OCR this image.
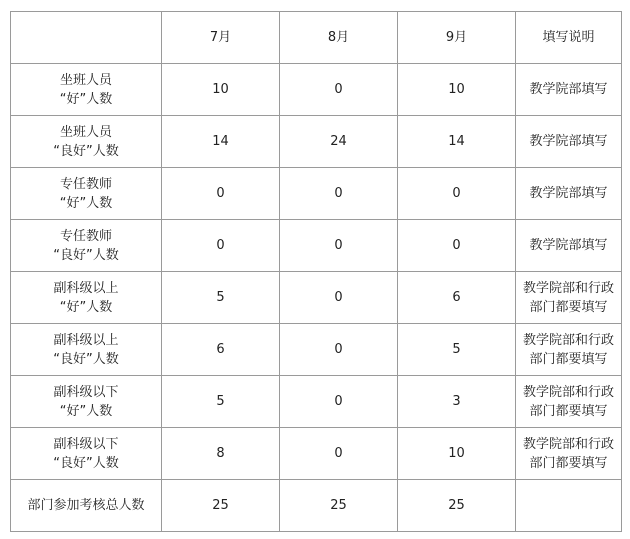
	7月	8月	9月	填写说明

坐班人员
“好”人数	10	0	10	教学院部填写

坐班人员
“良好”人数	14	24	14	教学院部填写

专任教师
“好”人数	0	0	0	教学院部填写

专任教师
“良好”人数	0	0	0	教学院部填写

副科级以上
“好”人数	5	0	6	教学院部和行政
部门都要填写

副科级以上
“良好”人数	6	0	5	教学院部和行政
部门都要填写

副科级以下
“好”人数	5	0	3	教学院部和行政
部门都要填写

副科级以下
“良好”人数	8	0	10	教学院部和行政
部门都要填写

部门参加考核总人数	25	25	25	
